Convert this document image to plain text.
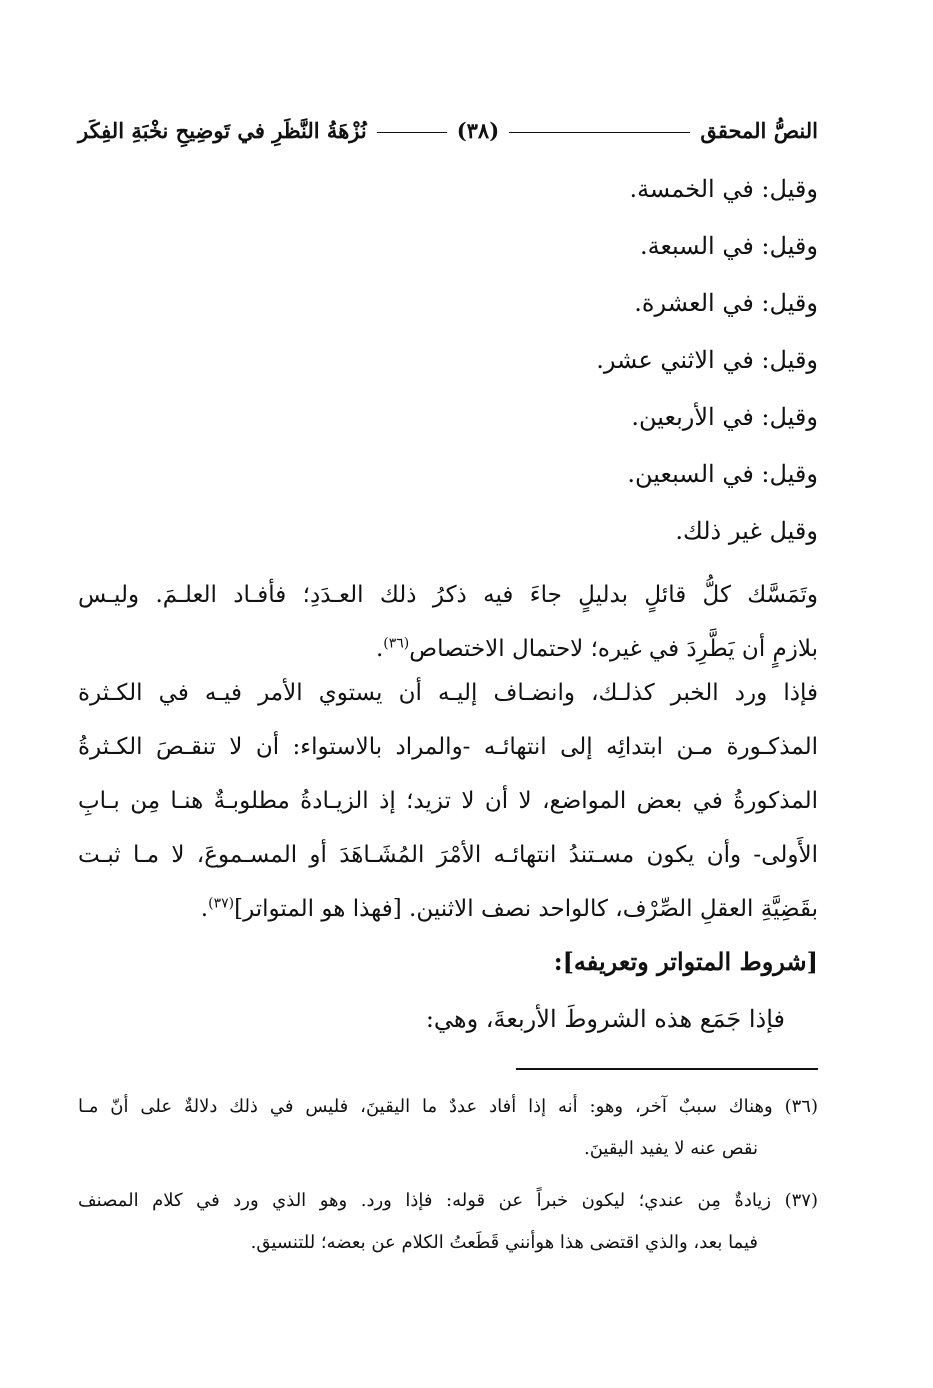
النصُّ المحقق
(٣٨)
نُزْهَةُ النَّظَرِ في تَوضِيحِ نخْبَةِ الفِكَر
وقيل: في الخمسة.
وقيل: في السبعة.
وقيل: في العشرة.
وقيل: في الاثني عشر.
وقيل: في الأربعين.
وقيل: في السبعين.
وقيل غير ذلك.
وتَمَسَّك كلُّ قائلٍ بدليلٍ جاءَ فيه ذكرُ ذلك العـدَدِ؛ فأفـاد العلـمَ. وليـس
بلازمٍ أن يَطَّرِدَ في غيره؛ لاحتمال الاختصاص$^{(٣٦)}$.
فإذا ورد الخبر كذلـك، وانضـاف إليـه أن يستوي الأمر فيـه في الكـثرة
المذكـورة مـن ابتدائِه إلى انتهائـه -والمراد بالاستواء: أن لا تنقـصَ الكـثرةُ
المذكورةُ في بعض المواضع، لا أن لا تزيد؛ إذ الزيـادةُ مطلوبـةٌ هنـا مِن بـابِ
الأَولى- وأن يكون مسـتندُ انتهائـه الأمْرَ المُشَـاهَدَ أو المسـموعَ، لا مـا ثبـت
بقَضِيَّةِ العقلِ الصِّرْف، كالواحد نصف الاثنين. [فهذا هو المتواتر]$^{(٣٧)}$.
[شروط المتواتر وتعريفه]:
فإذا جَمَع هذه الشروطَ الأربعةَ، وهي:
(٣٦) وهناك سببٌ آخر، وهو: أنه إذا أفاد عددٌ ما اليقينَ، فليس في ذلك دلالةٌ على أنّ مـا
نقص عنه لا يفيد اليقينَ.
(٣٧) زيادةٌ مِن عندي؛ ليكون خبراً عن قوله: فإذا ورد. وهو الذي ورد في كلام المصنف
فيما بعد، والذي اقتضى هذا هوأنني قَطَعتُ الكلام عن بعضه؛ للتنسيق.
